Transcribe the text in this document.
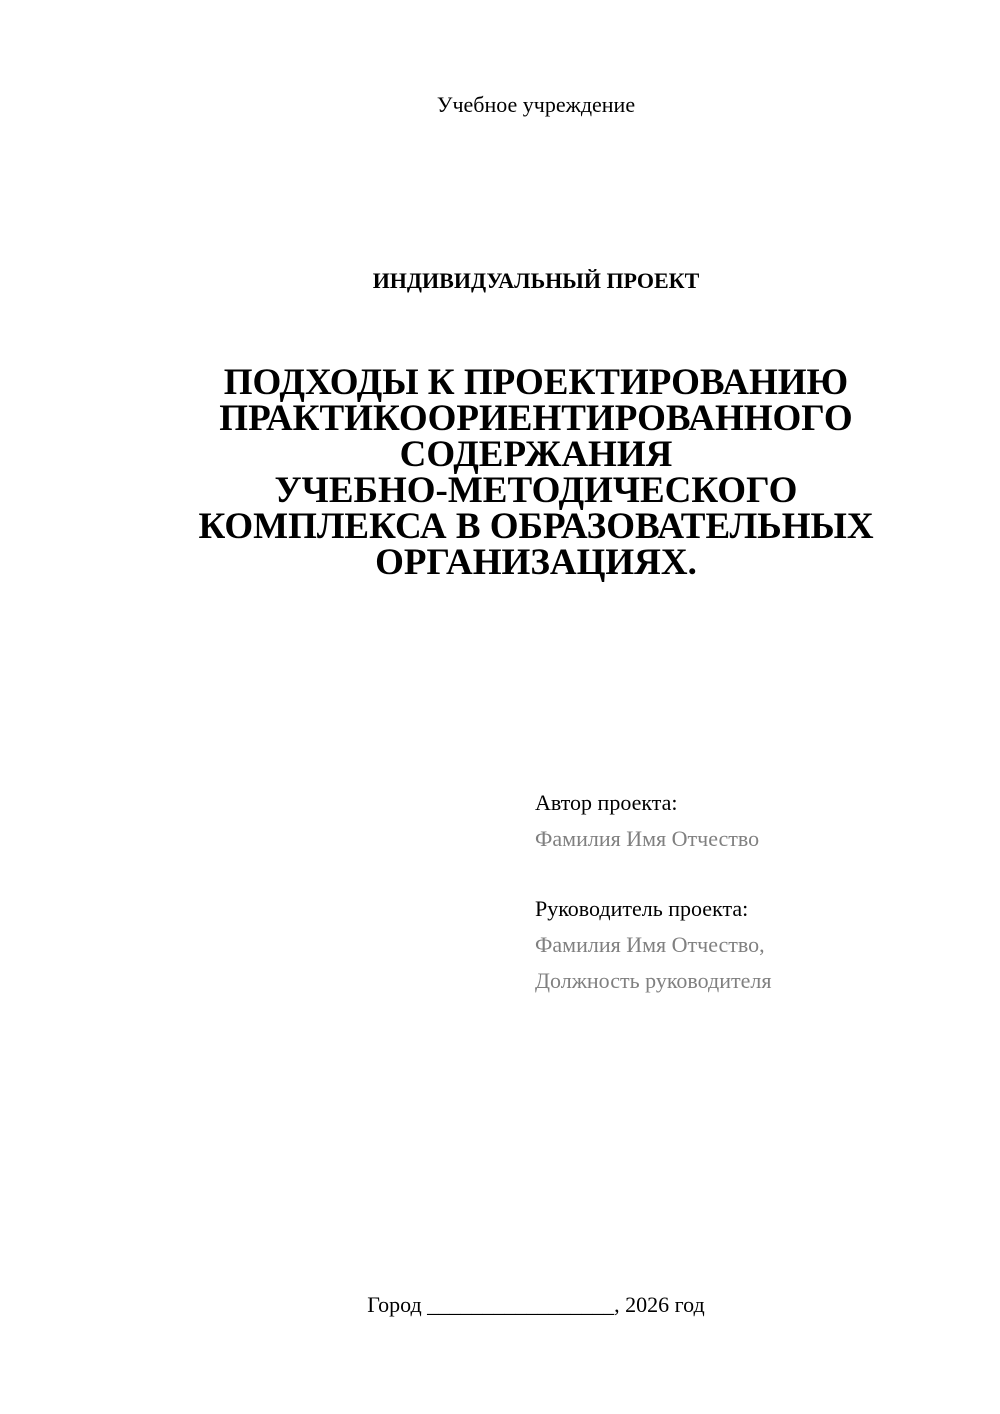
Учебное учреждение
ИНДИВИДУАЛЬНЫЙ ПРОЕКТ
ПОДХОДЫ К ПРОЕКТИРОВАНИЮ
ПРАКТИКООРИЕНТИРОВАННОГО
СОДЕРЖАНИЯ
УЧЕБНО-МЕТОДИЧЕСКОГО
КОМПЛЕКСА В ОБРАЗОВАТЕЛЬНЫХ
ОРГАНИЗАЦИЯХ.
Автор проекта:
Фамилия Имя Отчество
Руководитель проекта:
Фамилия Имя Отчество,
Должность руководителя
Город _________________, 2026 год
